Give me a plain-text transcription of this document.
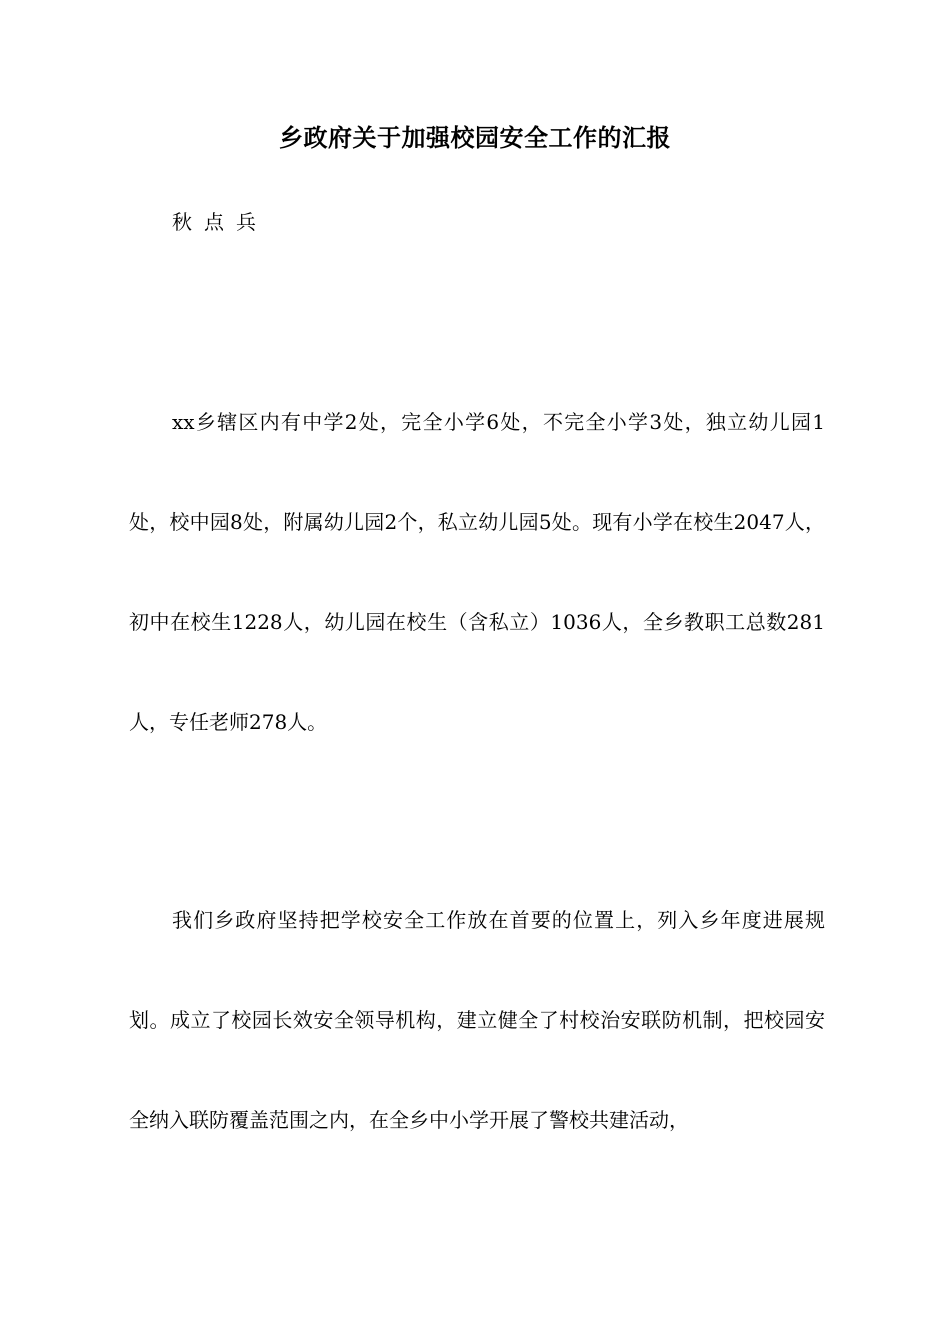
乡政府关于加强校园安全工作的汇报
秋点兵

xx乡辖区内有中学2处，完全小学6处，不完全小学3处，独立幼儿园1处，校中园8处，附属幼儿园2个，私立幼儿园5处。现有小学在校生2047人，初中在校生1228人，幼儿园在校生（含私立）1036人，全乡教职工总数281人，专任老师278人。

我们乡政府坚持把学校安全工作放在首要的位置上，列入乡年度进展规划。成立了校园长效安全领导机构，建立健全了村校治安联防机制，把校园安全纳入联防覆盖范围之内，在全乡中小学开展了警校共建活动，
